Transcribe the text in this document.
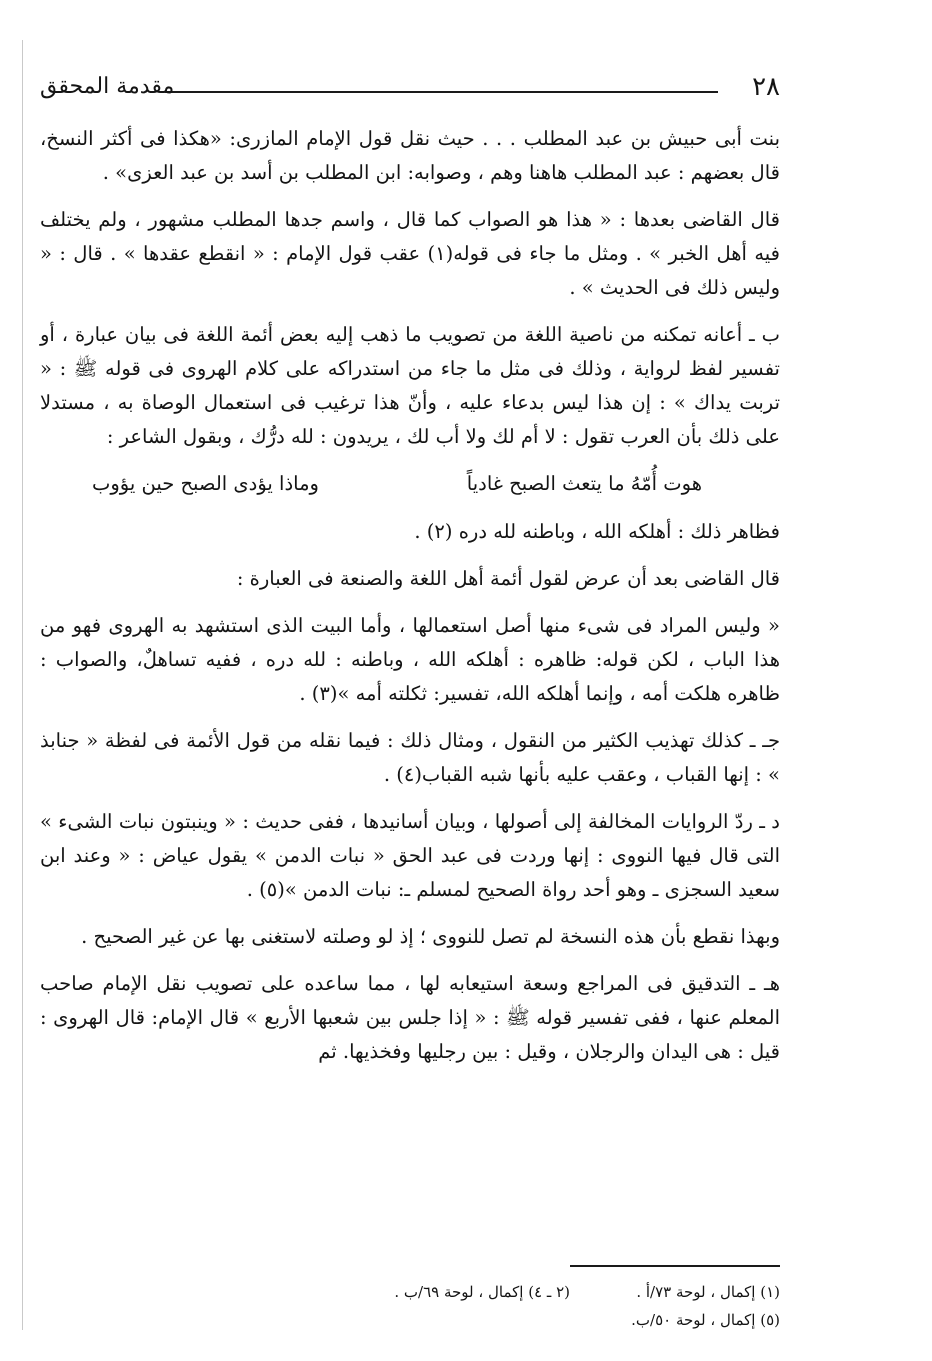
٢٨
مقدمة المحقق

بنت أبى حبيش بن عبد المطلب . . . حيث نقل قول الإمام المازرى: «هكذا فى أكثر النسخ، قال بعضهم : عبد المطلب هاهنا وهم ، وصوابه: ابن المطلب بن أسد بن عبد العزى» .

قال القاضى بعدها : « هذا هو الصواب كما قال ، واسم جدها المطلب مشهور ، ولم يختلف فيه أهل الخبر » . ومثل ما جاء فى قوله(١) عقب قول الإمام : « انقطع عقدها » . قال : « وليس ذلك فى الحديث » .

ب ـ أعانه تمكنه من ناصية اللغة من تصويب ما ذهب إليه بعض أئمة اللغة فى بيان عبارة ، أو تفسير لفظ لرواية ، وذلك فى مثل ما جاء من استدراكه على كلام الهروى فى قوله ﷺ : « تربت يداك » : إن هذا ليس بدعاء عليه ، وأنّ هذا ترغيب فى استعمال الوصاة به ، مستدلا على ذلك بأن العرب تقول : لا أم لك ولا أب لك ، يريدون : لله درُّك ، وبقول الشاعر :

هوت أُمّهُ ما يتعث الصبح غادياً
وماذا يؤدى الصبح حين يؤوب

فظاهر ذلك : أهلكه الله ، وباطنه لله دره (٢) .

قال القاضى بعد أن عرض لقول أئمة أهل اللغة والصنعة فى العبارة :

« وليس المراد فى شىء منها أصل استعمالها ، وأما البيت الذى استشهد به الهروى فهو من هذا الباب ، لكن قوله: ظاهره : أهلكه الله ، وباطنه : لله دره ، ففيه تساهلٌ، والصواب : ظاهره هلكت أمه ، وإنما أهلكه الله، تفسير: ثكلته أمه »(٣) .

جـ ـ كذلك تهذيب الكثير من النقول ، ومثال ذلك : فيما نقله من قول الأئمة فى لفظة « جنابذ » : إنها القباب ، وعقب عليه بأنها شبه القباب(٤) .

د ـ ردّ الروايات المخالفة إلى أصولها ، وبيان أسانيدها ، ففى حديث : « وينبتون نبات الشىء » التى قال فيها النووى : إنها وردت فى عبد الحق « نبات الدمن » يقول عياض : « وعند ابن سعيد السجزى ـ وهو أحد رواة الصحيح لمسلم ـ: نبات الدمن »(٥) .

وبهذا نقطع بأن هذه النسخة لم تصل للنووى ؛ إذ لو وصلته لاستغنى بها عن غير الصحيح .

هـ ـ التدقيق فى المراجع وسعة استيعابه لها ، مما ساعده على تصويب نقل الإمام صاحب المعلم عنها ، ففى تفسير قوله ﷺ : « إذا جلس بين شعبها الأربع » قال الإمام: قال الهروى : قيل : هى اليدان والرجلان ، وقيل : بين رجليها وفخذيها. ثم

(١) إكمال ، لوحة ٧٣/أ .
(٢ ـ ٤) إكمال ، لوحة ٦٩/ب .
(٥) إكمال ، لوحة ٥٠/ب.
